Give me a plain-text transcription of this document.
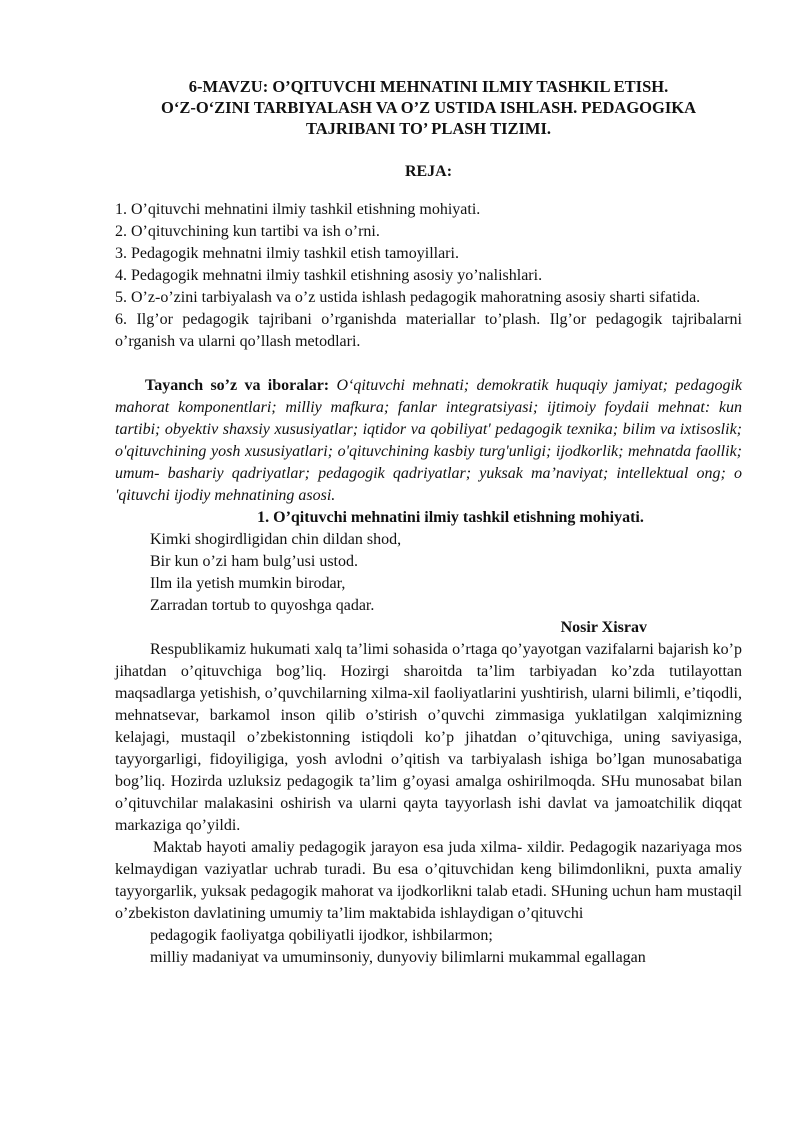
6-MAVZU: O’QITUVCHI MEHNATINI ILMIY TASHKIL ETISH.
O‘Z-O‘ZINI TARBIYALASH VA O’Z USTIDA ISHLASH. PEDAGOGIKA
TAJRIBANI TO’ PLASH TIZIMI.
REJA:
1. O’qituvchi mehnatini ilmiy tashkil etishning mohiyati.
2. O’qituvchining kun tartibi va ish o’rni.
3. Pedagogik mehnatni ilmiy tashkil etish tamoyillari.
4. Pedagogik mehnatni ilmiy tashkil etishning asosiy yo’nalishlari.
5. O’z-o’zini tarbiyalash va o’z ustida ishlash pedagogik mahoratning asosiy sharti sifatida.
6. Ilg’or pedagogik tajribani o’rganishda materiallar to’plash. Ilg’or pedagogik tajribalarni o’rganish va ularni qo’llash metodlari.

Tayanch so’z va iboralar: O‘qituvchi mehnati; demokratik huquqiy jamiyat; pedagogik mahorat komponentlari; milliy mafkura; fanlar integratsiyasi; ijtimoiy foydaii mehnat: kun tartibi; obyektiv shaxsiy xususiyatlar; iqtidor va qobiliyat' pedagogik texnika; bilim va ixtisoslik; o'qituvchining yosh xususiyatlari; o'qituvchining kasbiy turg'unligi; ijodkorlik; mehnatda faollik; umum- bashariy qadriyatlar; pedagogik qadriyatlar; yuksak ma’naviyat; intellektual ong; o 'qituvchi ijodiy mehnatining asosi.

1. O’qituvchi mehnatini ilmiy tashkil etishning mohiyati.
Kimki shogirdligidan chin dildan shod,
Bir kun o’zi ham bulg’usi ustod.
Ilm ila yetish mumkin birodar,
Zarradan tortub to quyoshga qadar.
Nosir Xisrav

Respublikamiz hukumati xalq ta’limi sohasida o’rtaga qo’yayotgan vazifalarni bajarish ko’p jihatdan o’qituvchiga bog’liq. Hozirgi sharoitda ta’lim tarbiyadan ko’zda tutilayottan maqsadlarga yetishish, o’quvchilarning xilma-xil faoliyatlarini yushtirish, ularni bilimli, e’tiqodli, mehnatsevar, barkamol inson qilib o’stirish o’quvchi zimmasiga yuklatilgan xalqimizning kelajagi, mustaqil o’zbekistonning istiqdoli ko’p jihatdan o’qituvchiga, uning saviyasiga, tayyorgarligi, fidoyiligiga, yosh avlodni o’qitish va tarbiyalash ishiga bo’lgan munosabatiga bog’liq. Hozirda uzluksiz pedagogik ta’lim g’oyasi amalga oshirilmoqda. SHu munosabat bilan o’qituvchilar malakasini oshirish va ularni qayta tayyorlash ishi davlat va jamoatchilik diqqat markaziga qo’yildi.

Maktab hayoti amaliy pedagogik jarayon esa juda xilma- xildir. Pedagogik nazariyaga mos kelmaydigan vaziyatlar uchrab turadi. Bu esa o’qituvchidan keng bilimdonlikni, puxta amaliy tayyorgarlik, yuksak pedagogik mahorat va ijodkorlikni talab etadi. SHuning uchun ham mustaqil o’zbekiston davlatining umumiy ta’lim maktabida ishlaydigan o’qituvchi

pedagogik faoliyatga qobiliyatli ijodkor, ishbilarmon;

milliy madaniyat va umuminsoniy, dunyoviy bilimlarni mukammal egallagan
